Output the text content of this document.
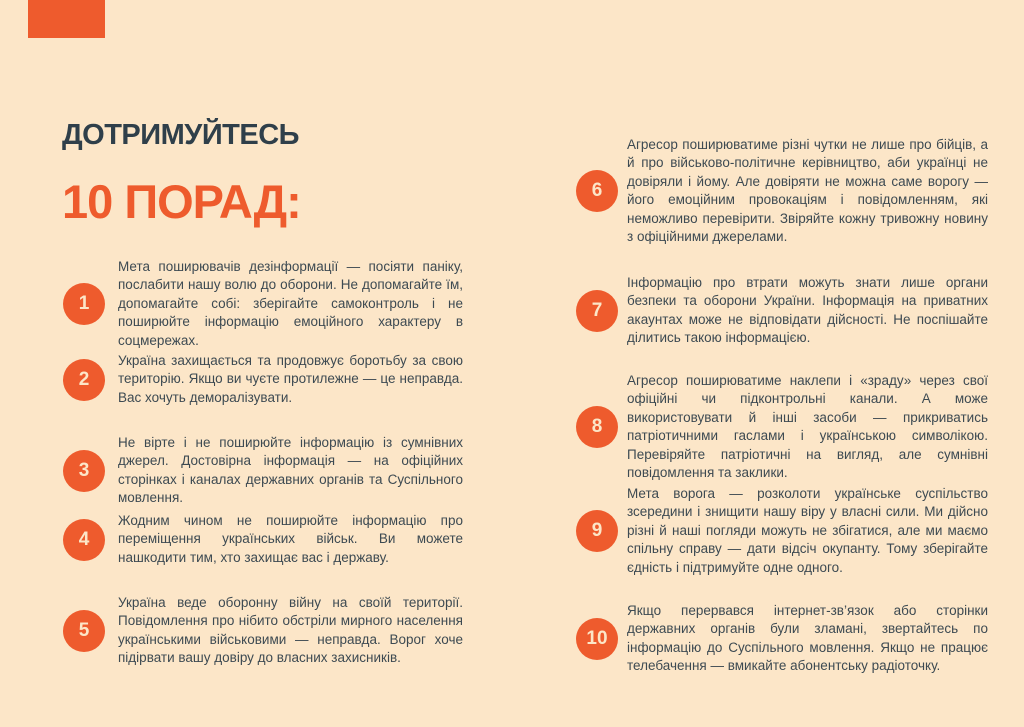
ДОТРИМУЙТЕСЬ
10 ПОРАД:
1

Мета поширювачів дезінформації — посіяти паніку, послабити нашу волю до оборони. Не допомагайте їм, допомагайте собі: зберігайте самоконтроль і не поширюйте інформацію емоційного характеру в соцмережах.

2

Україна захищається та продовжує боротьбу за свою територію. Якщо ви чуєте протилежне — це неправда. Вас хочуть деморалізувати.

3

Не вірте і не поширюйте інформацію із сумнівних джерел. Достовірна інформація — на офіційних сторінках і каналах державних органів та Суспільного мовлення.

4

Жодним чином не поширюйте інформацію про переміщення українських військ. Ви можете нашкодити тим, хто захищає вас і державу.

5

Україна веде оборонну війну на своїй території. Повідомлення про нібито обстріли мирного населення українськими військовими — неправда. Ворог хоче підірвати вашу довіру до власних захисників.

6

Агресор поширюватиме різні чутки не лише про бійців, а й про військово-політичне керівництво, аби українці не довіряли і йому. Але довіряти не можна саме ворогу — його емоційним провокаціям і повідомленням, які неможливо перевірити. Звіряйте кожну тривожну новину з офіційними джерелами.

7

Інформацію про втрати можуть знати лише органи безпеки та оборони України. Інформація на приватних акаунтах може не відповідати дійсності. Не поспішайте ділитись такою інформацією.

8

Агресор поширюватиме наклепи і «зраду» через свої офіційні чи підконтрольні канали. А може використовувати й інші засоби — прикриватись патріотичними гаслами і українською символікою. Перевіряйте патріотичні на вигляд, але сумнівні повідомлення та заклики.

9

Мета ворога — розколоти українське суспільство зсередини і знищити нашу віру у власні сили. Ми дійсно різні й наші погляди можуть не збігатися, але ми маємо спільну справу — дати відсіч окупанту. Тому зберігайте єдність і підтримуйте одне одного.

10

Якщо перервався інтернет-зв’язок або сторінки державних органів були зламані, звертайтесь по інформацію до Суспільного мовлення. Якщо не працює телебачення — вмикайте абонентську радіоточку.
